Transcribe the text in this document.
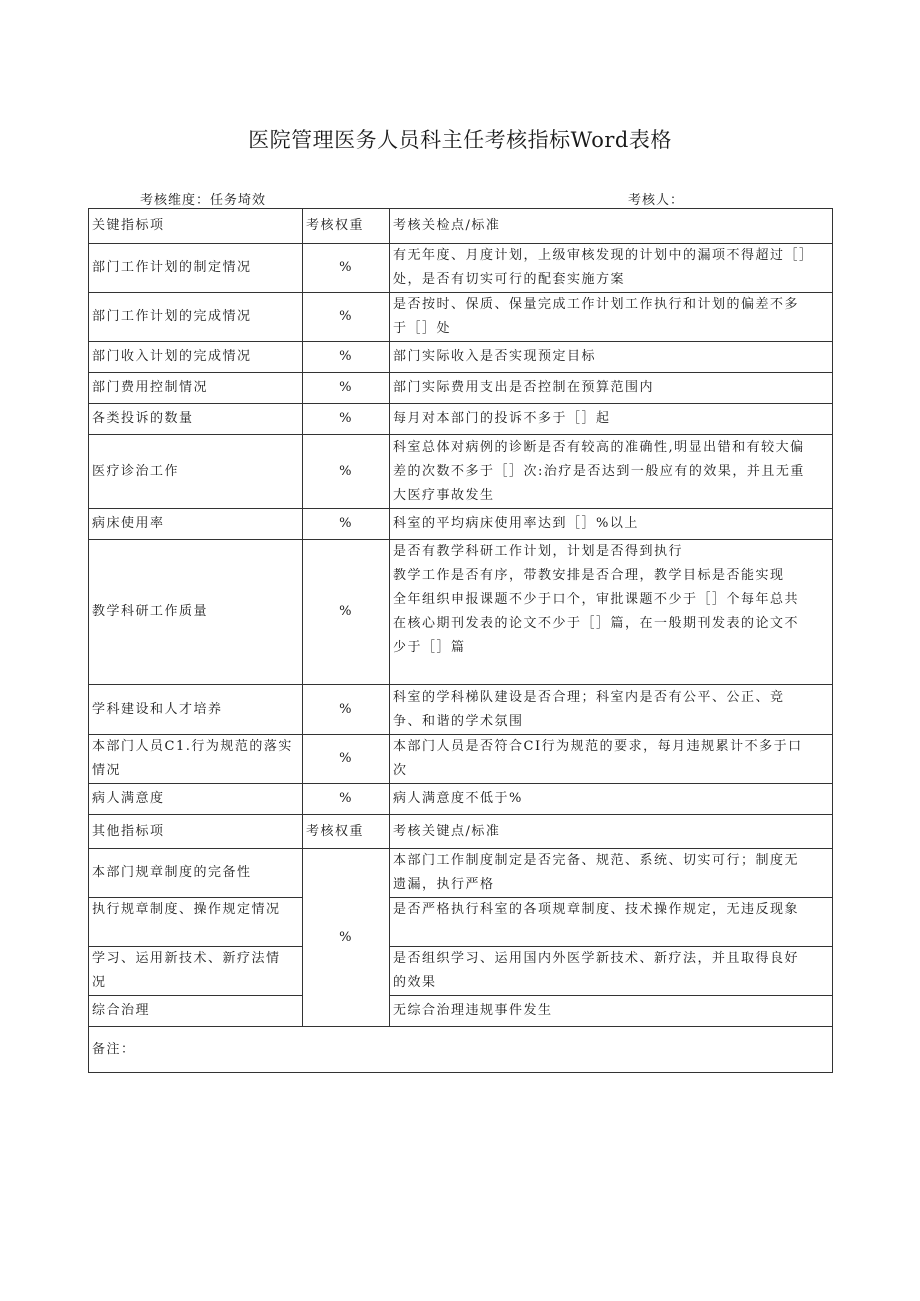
医院管理医务人员科主任考核指标Word表格
考核维度：任务埼效	考核人：
关键指标项	考核权重	考核关检点/标准
部门工作计划的制定情况	%	有无年度、月度计划，上级审核发现的计划中的漏项不得超过［］
处，是否有切实可行的配套实施方案

部门工作计划的完成情况	%	是否按时、保质、保量完成工作计划工作执行和计划的偏差不多
于［］处

部门收入计划的完成情况	%	部门实际收入是否实现预定目标

部门费用控制情况	%	部门实际费用支出是否控制在预算范围内

各类投诉的数量	%	每月对本部门的投诉不多于［］起

医疗诊治工作	%	科室总体对病例的诊断是否有较高的准确性,明显出错和有较大偏
差的次数不多于［］次:治疗是否达到一般应有的效果，并且无重
大医疗事故发生

病床使用率	%	科室的平均病床使用率达到［］%以上

教学科研工作质量	%	是否有教学科研工作计划，计划是否得到执行
教学工作是否有序，带教安排是否合理，教学目标是否能实现
全年组织申报课题不少于口个，审批课题不少于［］个每年总共
在核心期刊发表的论文不少于［］篇，在一般期刊发表的论文不
少于［］篇

学科建设和人才培养	%	科室的学科梯队建设是否合理；科室内是否有公平、公正、竞
争、和谐的学术氛围

本部门人员C1.行为规范的落实
情况	%	本部门人员是否符合CI行为规范的要求，每月违规累计不多于口
次

病人满意度	%	病人满意度不低于%

其他指标项	考核权重	考核关键点/标准
本部门规章制度的完备性	%	本部门工作制度制定是否完备、规范、系统、切实可行；制度无
遗漏，执行严格

执行规章制度、操作规定情况		是否严格执行科室的各项规章制度、技术操作规定，无违反现象

学习、运用新技术、新疗法情
况		是否组织学习、运用国内外医学新技术、新疗法，并且取得良好
的效果

综合治理		无综合治理违规事件发生

备注：		
